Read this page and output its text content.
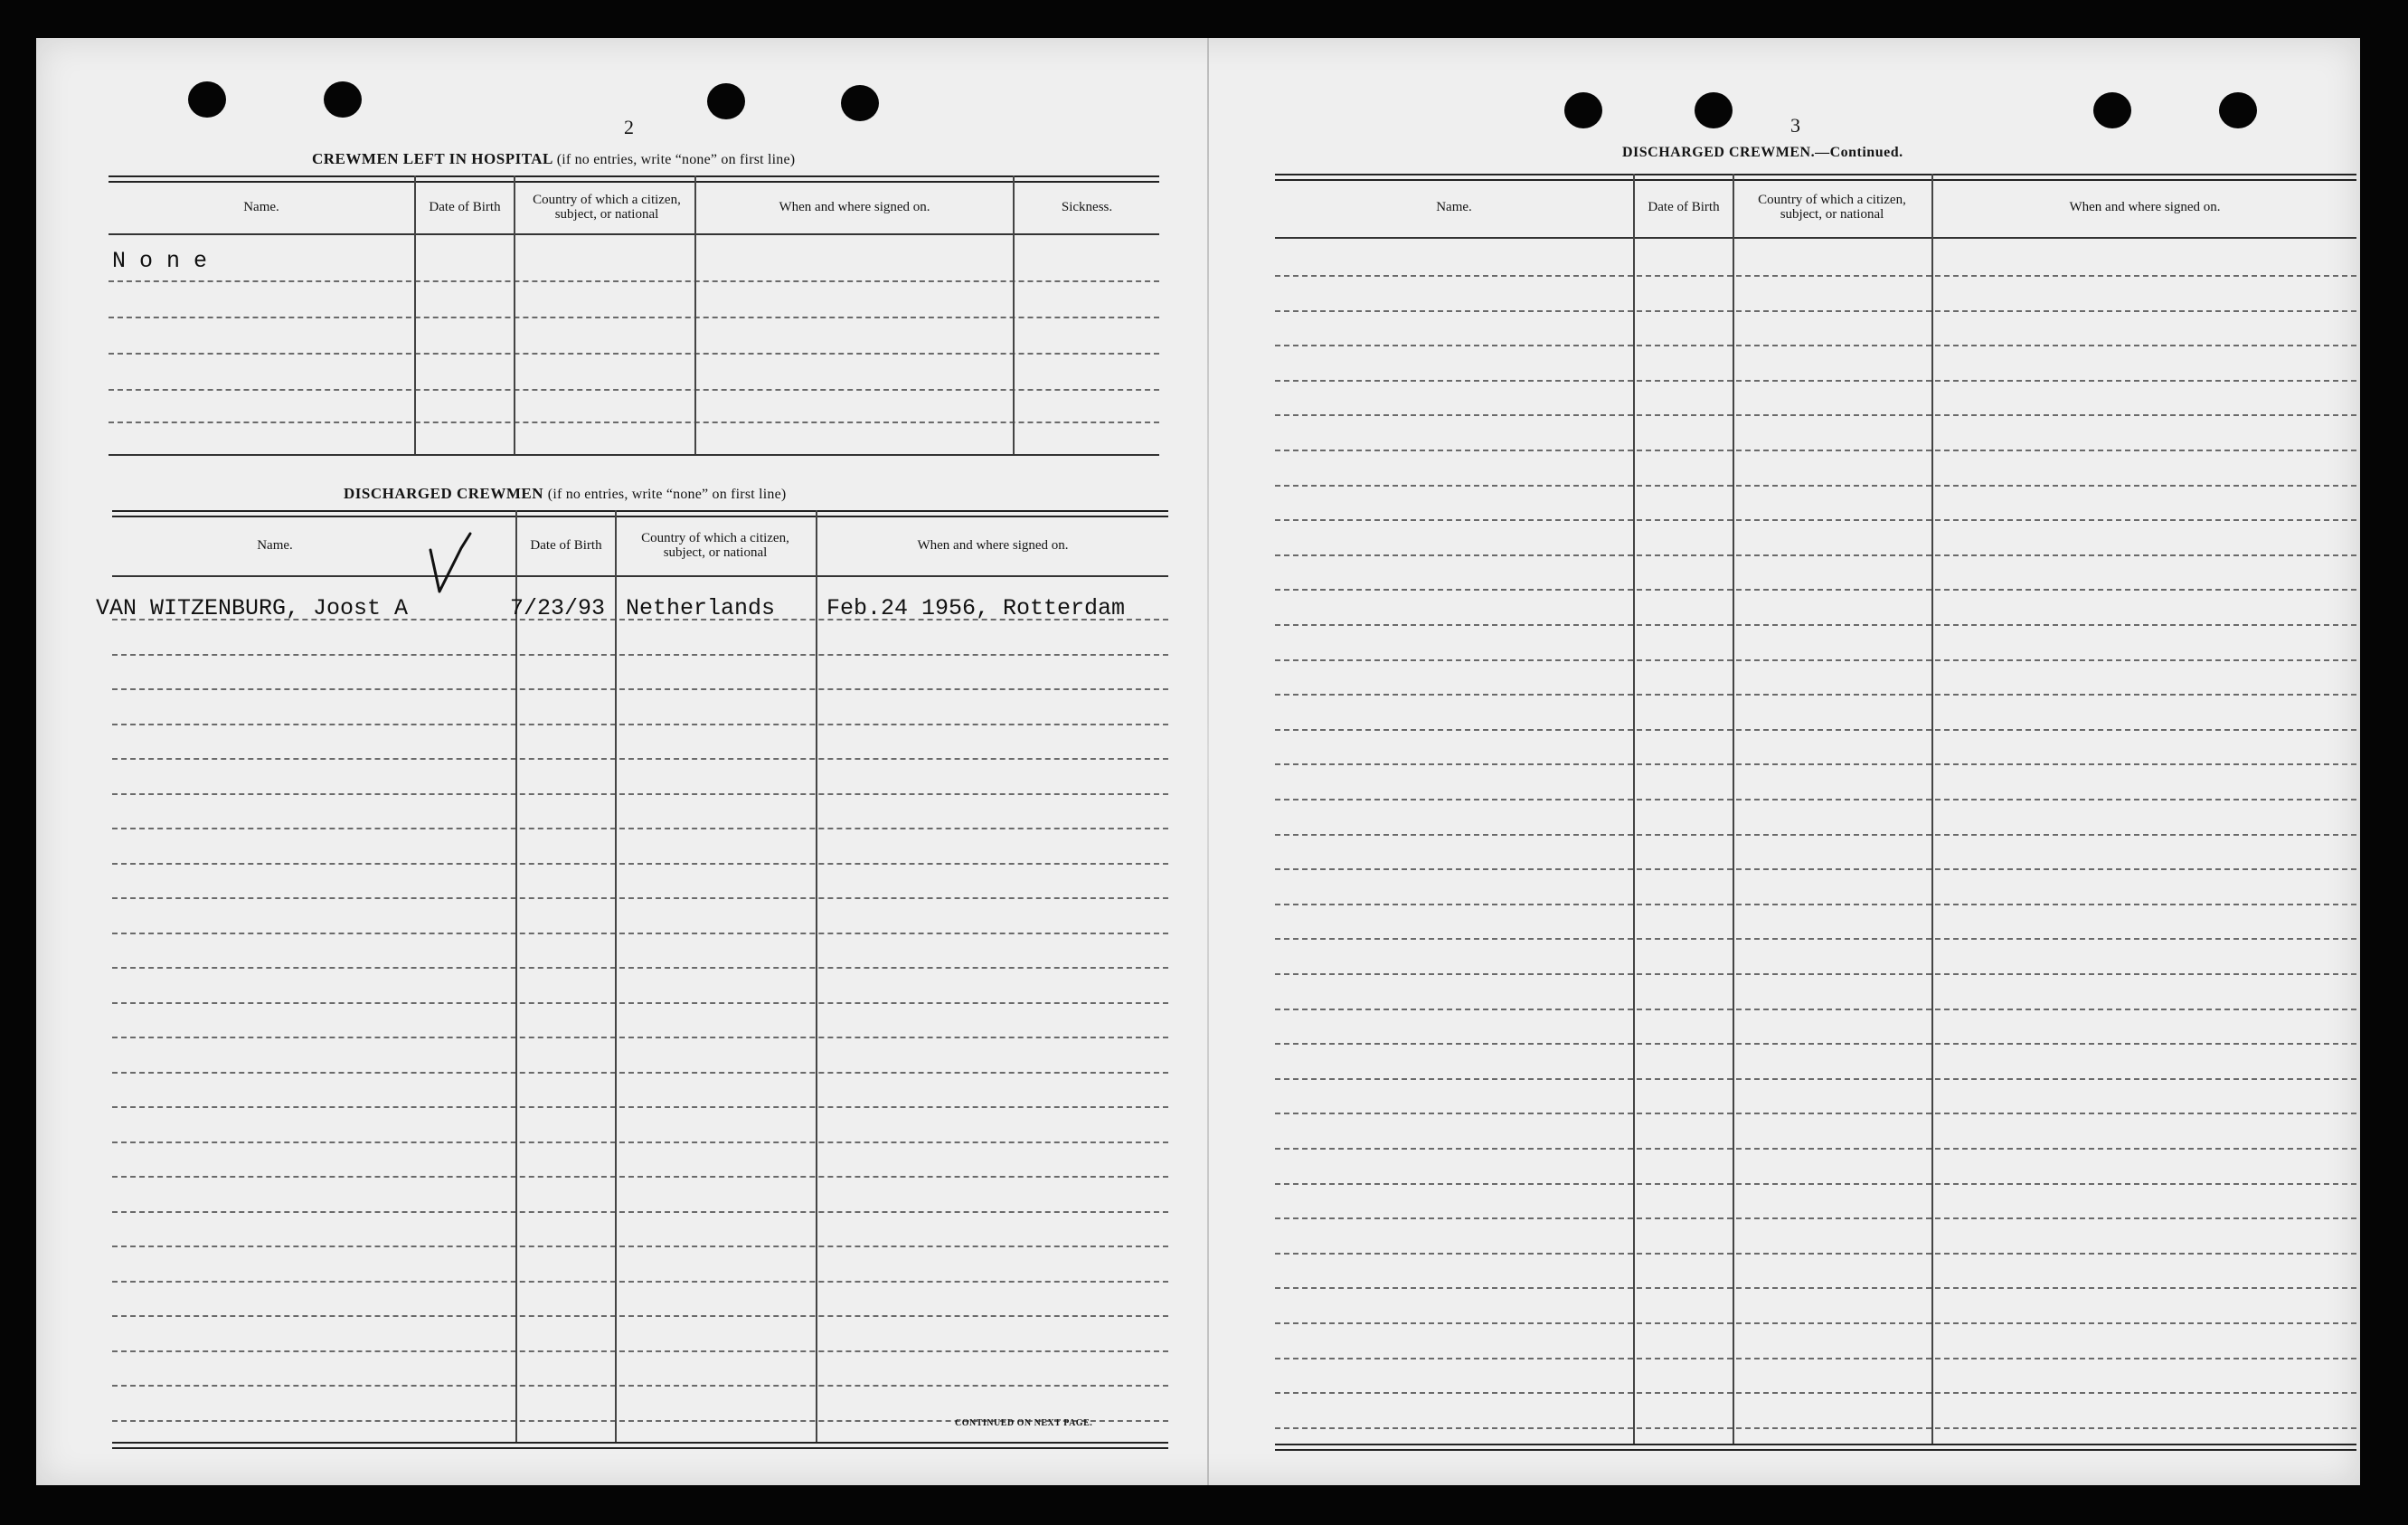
2
CREWMEN LEFT IN HOSPITAL (if no entries, write “none” on first line)
Name.	Date of Birth	Country of which a citizen, subject, or national	When and where signed on.	Sickness.
N o n e
DISCHARGED CREWMEN (if no entries, write “none” on first line)
Name.	Date of Birth	Country of which a citizen, subject, or national	When and where signed on.
VAN WITZENBURG, Joost A	7/23/93 Netherlands Feb.24 1956, Rotterdam
CONTINUED ON NEXT PAGE.
3
DISCHARGED CREWMEN.—Continued.
Name.	Date of Birth	Country of which a citizen, subject, or national	When and where signed on.
